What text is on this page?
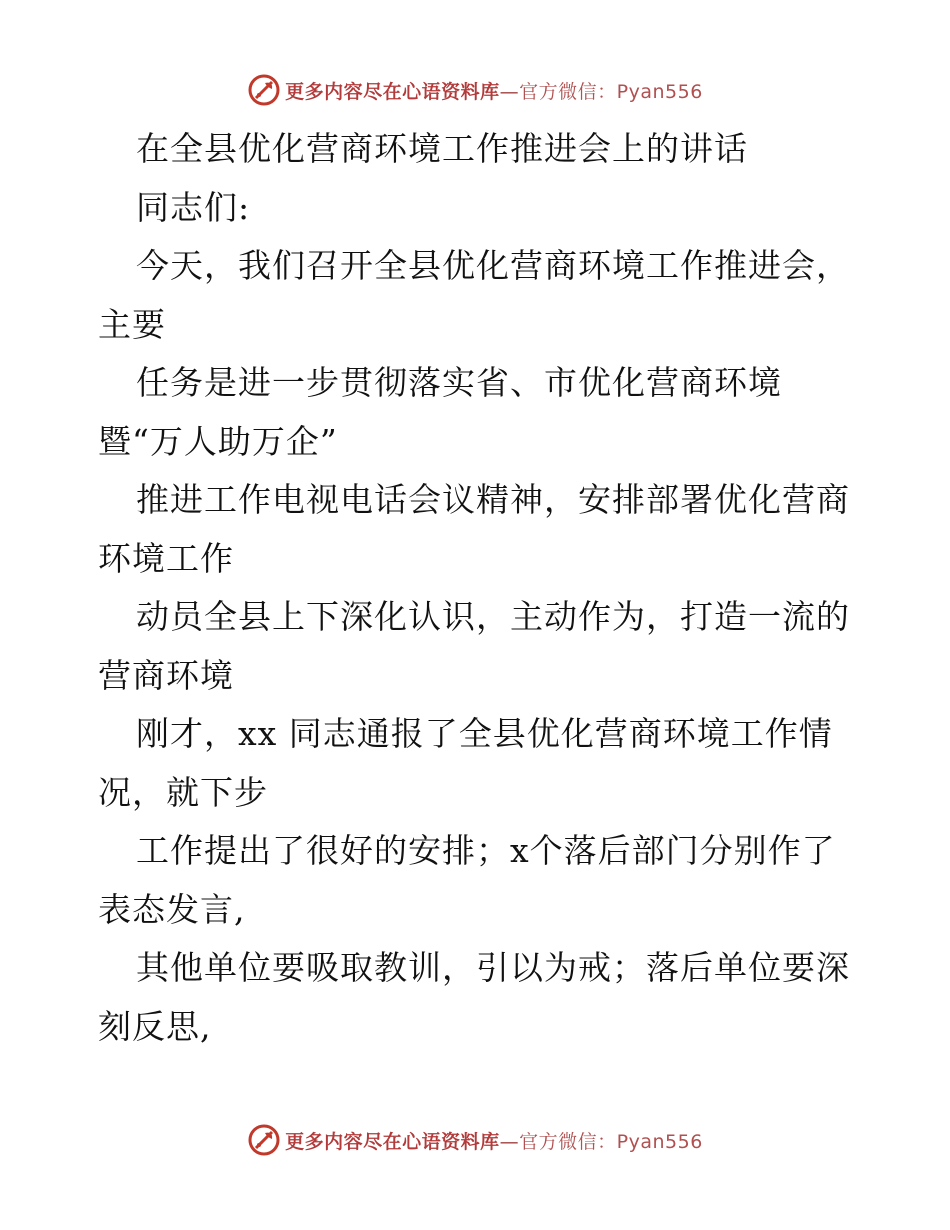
更多内容尽在心语资料库—官方微信：Pyan556
在全县优化营商环境工作推进会上的讲话
同志们:
今天，我们召开全县优化营商环境工作推进会，
主要
任务是进一步贯彻落实省、市优化营商环境
暨“万人助万企”
推进工作电视电话会议精神，安排部署优化营商
环境工作
动员全县上下深化认识，主动作为，打造一流的
营商环境
刚才，xx 同志通报了全县优化营商环境工作情
况，就下步
工作提出了很好的安排；x个落后部门分别作了
表态发言,
其他单位要吸取教训，引以为戒；落后单位要深
刻反思,
更多内容尽在心语资料库—官方微信：Pyan556
